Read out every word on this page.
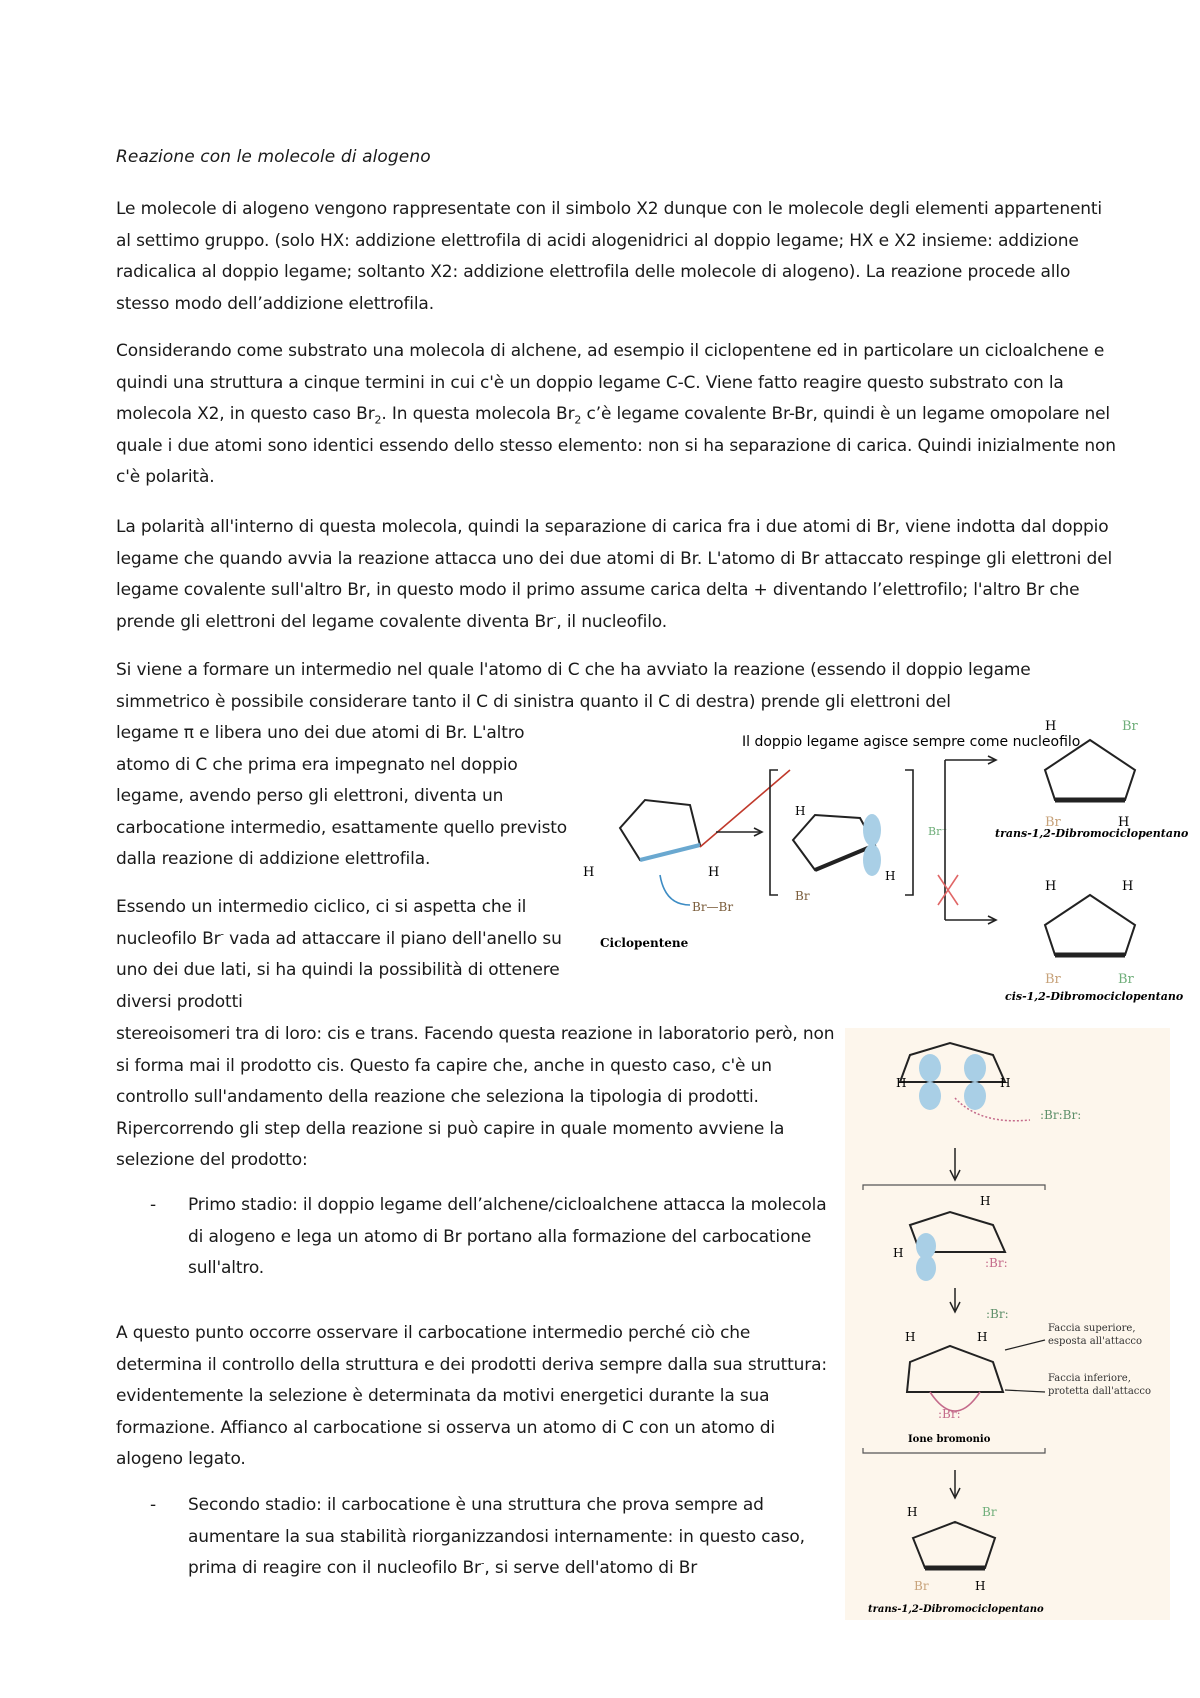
Reazione con le molecole di alogeno

Le molecole di alogeno vengono rappresentate con il simbolo X2 dunque con le molecole degli elementi appartenenti al settimo gruppo. (solo HX: addizione elettrofila di acidi alogenidrici al doppio legame; HX e X2 insieme: addizione radicalica al doppio legame; soltanto X2: addizione elettrofila delle molecole di alogeno). La reazione procede allo stesso modo dell’addizione elettrofila.

Considerando come substrato una molecola di alchene, ad esempio il ciclopentene ed in particolare un cicloalchene e quindi una struttura a cinque termini in cui c'è un doppio legame C-C. Viene fatto reagire questo substrato con la molecola X2, in questo caso $Br_2$. In questa molecola $Br_2$ c’è legame covalente Br-Br, quindi è un legame omopolare nel quale i due atomi sono identici essendo dello stesso elemento: non si ha separazione di carica. Quindi inizialmente non c'è polarità.

La polarità all'interno di questa molecola, quindi la separazione di carica fra i due atomi di Br, viene indotta dal doppio legame che quando avvia la reazione attacca uno dei due atomi di Br. L'atomo di Br attaccato respinge gli elettroni del legame covalente sull'altro Br, in questo modo il primo assume carica delta + diventando l’elettrofilo; l'altro Br che prende gli elettroni del legame covalente diventa Br-, il nucleofilo.

Si viene a formare un intermedio nel quale l'atomo di C che ha avviato la reazione (essendo il doppio legame simmetrico è possibile considerare tanto il C di sinistra quanto il C di destra) prende gli elettroni del

legame π e libera uno dei due atomi di Br. L'altro atomo di C che prima era impegnato nel doppio legame, avendo perso gli elettroni, diventa un carbocatione intermedio, esattamente quello previsto dalla reazione di addizione elettrofila.

Essendo un intermedio ciclico, ci si aspetta che il nucleofilo Br- vada ad attaccare il piano dell'anello su uno dei due lati, si ha quindi la possibilità di ottenere diversi prodotti

stereoisomeri tra di loro: cis e trans. Facendo questa reazione in laboratorio però, non si forma mai il prodotto cis. Questo fa capire che, anche in questo caso, c'è un controllo sull'andamento della reazione che seleziona la tipologia di prodotti. Ripercorrendo gli step della reazione si può capire in quale momento avviene la selezione del prodotto:

- Primo stadio: il doppio legame dell’alchene/cicloalchene attacca la molecola di alogeno e lega un atomo di Br portano alla formazione del carbocatione sull'altro.

A questo punto occorre osservare il carbocatione intermedio perché ciò che determina il controllo della struttura e dei prodotti deriva sempre dalla sua struttura: evidentemente la selezione è determinata da motivi energetici durante la sua formazione. Affianco al carbocatione si osserva un atomo di C con un atomo di alogeno legato.

- Secondo stadio: il carbocatione è una struttura che prova sempre ad aumentare la sua stabilità riorganizzandosi internamente: in questo caso, prima di reagire con il nucleofilo Br-, si serve dell'atomo di Br

H	H
Br—Br
Ciclopentene
Il doppio legame agisce sempre come nucleofilo
H
H
Br
Br⁻
H	Br
Br	H
trans-1,2-Dibromociclopentano
H	H
Br	Br
cis-1,2-Dibromociclopentano
H	H
:Br:Br:
H
H
:Br:
:Br:
:Br:
H	H
Faccia superiore, esposta all'attacco
Faccia inferiore, protetta dall'attacco
Ione bromonio
H	Br
Br	H
trans-1,2-Dibromociclopentano
